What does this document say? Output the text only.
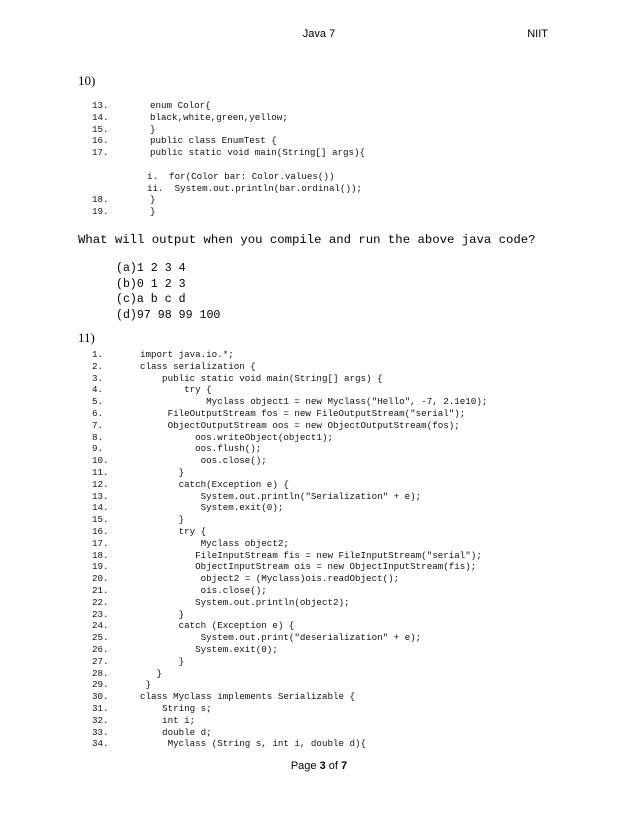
Java 7	NIIT
10)
13.	enum Color{
14.	black,white,green,yellow;
15.	}
16.	public class EnumTest {
17.	public static void main(String[] args){
i.  for(Color bar: Color.values())
ii.  System.out.println(bar.ordinal());
18.	}
19.	}
What will output when you compile and run the above java code?
(a)1 2 3 4
(b)0 1 2 3
(c)a b c d
(d)97 98 99 100
11)
1.	import java.io.*;
2.	class serialization {
3.	public static void main(String[] args) {
4.	try {
5.	Myclass object1 = new Myclass("Hello", -7, 2.1e10);
6.	FileOutputStream fos = new FileOutputStream("serial");
7.	ObjectOutputStream oos = new ObjectOutputStream(fos);
8.	oos.writeObject(object1);
9.	oos.flush();
10.	oos.close();
11.	}
12.	catch(Exception e) {
13.	System.out.println("Serialization" + e);
14.	System.exit(0);
15.	}
16.	try {
17.	Myclass object2;
18.	FileInputStream fis = new FileInputStream("serial");
19.	ObjectInputStream ois = new ObjectInputStream(fis);
20.	object2 = (Myclass)ois.readObject();
21.	ois.close();
22.	System.out.println(object2);
23.	}
24.	catch (Exception e) {
25.	System.out.print("deserialization" + e);
26.	System.exit(0);
27.	}
28.	}
29.	}
30.	class Myclass implements Serializable {
31.	String s;
32.	int i;
33.	double d;
34.	Myclass (String s, int i, double d){
Page 3 of 7
